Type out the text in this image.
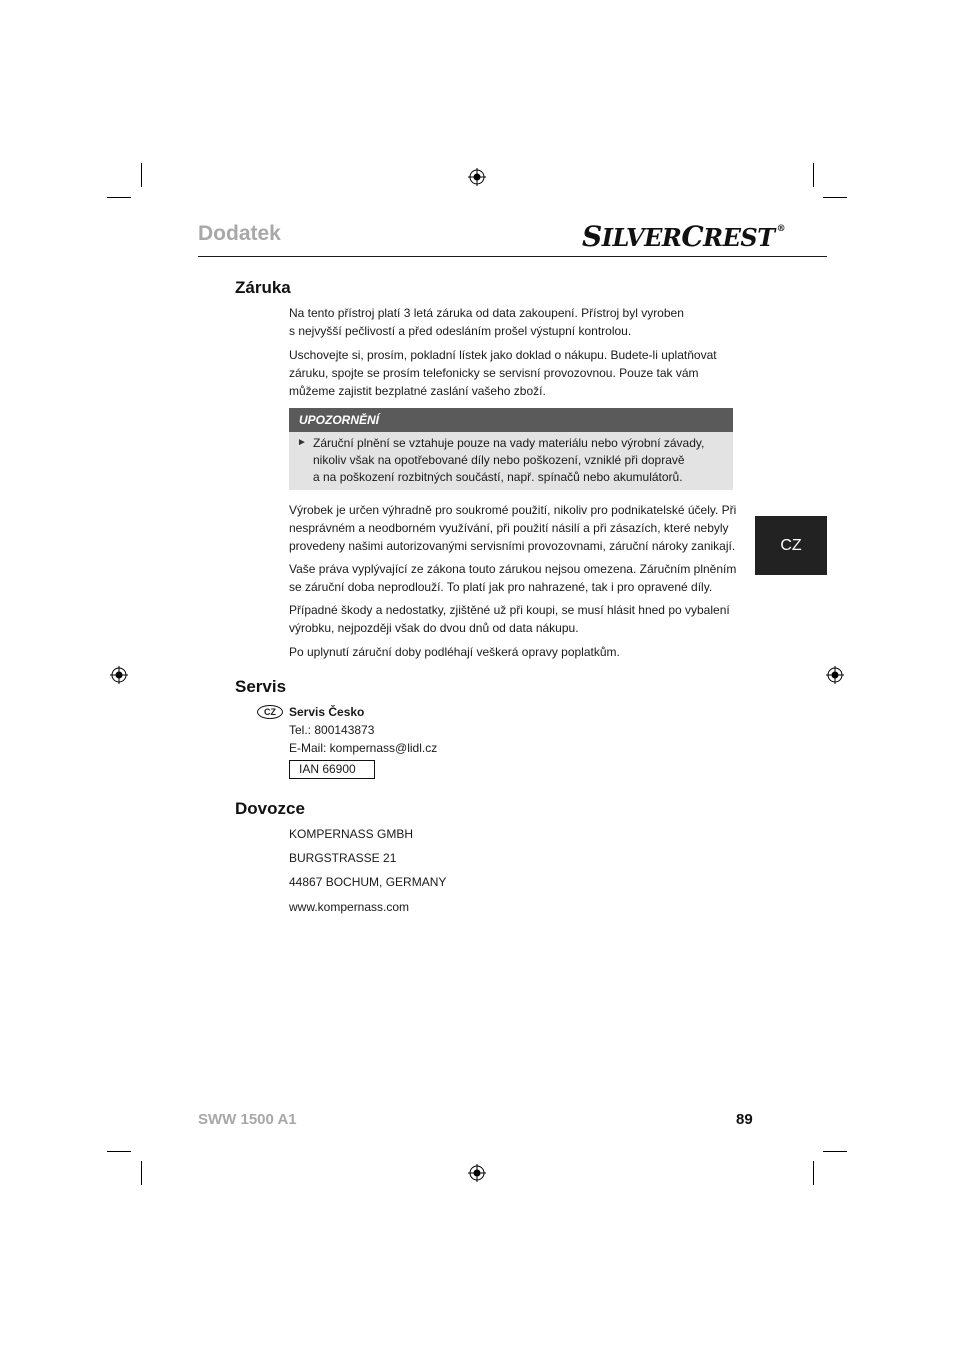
Dodatek	SILVERCREST ®
CZ
Záruka
Na tento přístroj platí 3 letá záruka od data zakoupení. Přístroj byl vyroben
s nejvyšší pečlivostí a před odesláním prošel výstupní kontrolou.
Uschovejte si, prosím, pokladní lístek jako doklad o nákupu. Budete-li uplatňovat
záruku, spojte se prosím telefonicky se servisní provozovnou. Pouze tak vám
můžeme zajistit bezplatné zaslání vašeho zboží.
UPOZORNĚNÍ
► Záruční plnění se vztahuje pouze na vady materiálu nebo výrobní závady,
nikoliv však na opotřebované díly nebo poškození, vzniklé při dopravě
a na poškození rozbitných součástí, např. spínačů nebo akumulátorů.
Výrobek je určen výhradně pro soukromé použití, nikoliv pro podnikatelské účely. Při
nesprávném a neodborném využívání, při použití násilí a při zásazích, které nebyly
provedeny našimi autorizovanými servisními provozovnami, záruční nároky zanikají.
Vaše práva vyplývající ze zákona touto zárukou nejsou omezena. Záručním plněním
se záruční doba neprodlouží. To platí jak pro nahrazené, tak i pro opravené díly.
Případné škody a nedostatky, zjištěné už při koupi, se musí hlásit hned po vybalení
výrobku, nejpozději však do dvou dnů od data nákupu.
Po uplynutí záruční doby podléhají veškerá opravy poplatkům.
Servis
CZ	Servis Česko
Tel.: 800143873
E-Mail: kompernass@lidl.cz
IAN 66900
Dovozce
KOMPERNASS GMBH
BURGSTRASSE 21
44867 BOCHUM, GERMANY
www.kompernass.com
SWW 1500 A1	89
